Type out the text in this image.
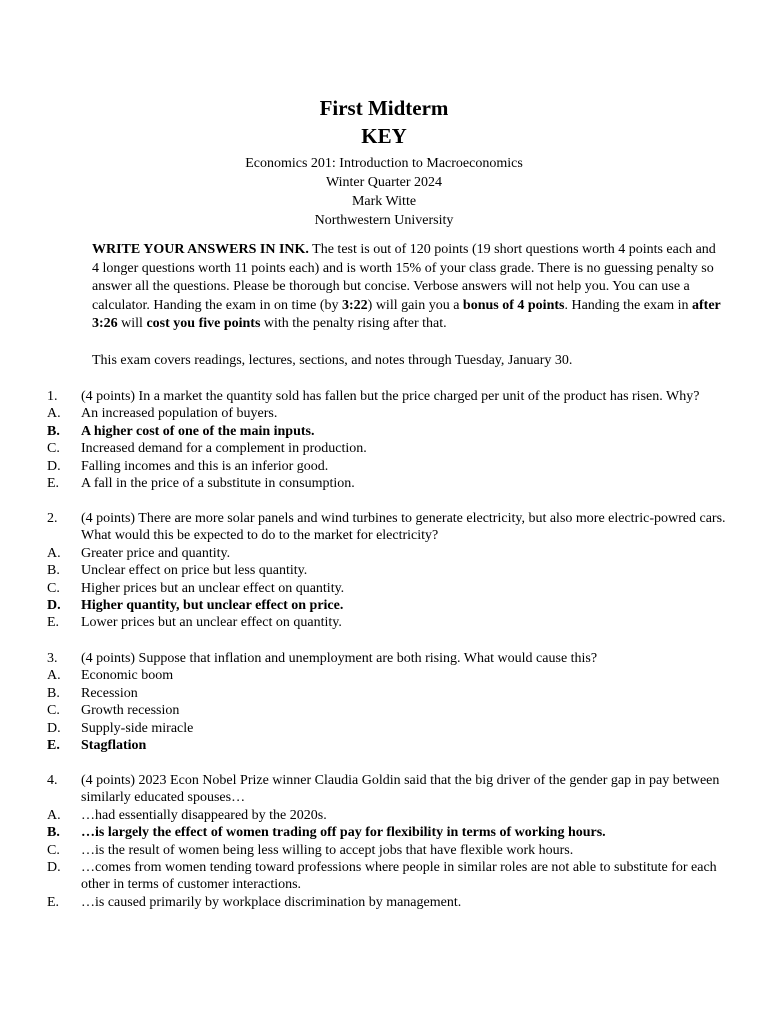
First Midterm
KEY
Economics 201: Introduction to Macroeconomics
Winter Quarter 2024
Mark Witte
Northwestern University
WRITE YOUR ANSWERS IN INK. The test is out of 120 points (19 short questions worth 4 points each and 4 longer questions worth 11 points each) and is worth 15% of your class grade. There is no guessing penalty so answer all the questions. Please be thorough but concise. Verbose answers will not help you. You can use a calculator. Handing the exam in on time (by 3:22) will gain you a bonus of 4 points. Handing the exam in after 3:26 will cost you five points with the penalty rising after that.
This exam covers readings, lectures, sections, and notes through Tuesday, January 30.
1. (4 points) In a market the quantity sold has fallen but the price charged per unit of the product has risen. Why?
A. An increased population of buyers.
B. A higher cost of one of the main inputs.
C. Increased demand for a complement in production.
D. Falling incomes and this is an inferior good.
E. A fall in the price of a substitute in consumption.
2. (4 points) There are more solar panels and wind turbines to generate electricity, but also more electric-powred cars. What would this be expected to do to the market for electricity?
A. Greater price and quantity.
B. Unclear effect on price but less quantity.
C. Higher prices but an unclear effect on quantity.
D. Higher quantity, but unclear effect on price.
E. Lower prices but an unclear effect on quantity.
3. (4 points) Suppose that inflation and unemployment are both rising. What would cause this?
A. Economic boom
B. Recession
C. Growth recession
D. Supply-side miracle
E. Stagflation
4. (4 points) 2023 Econ Nobel Prize winner Claudia Goldin said that the big driver of the gender gap in pay between similarly educated spouses…
A. …had essentially disappeared by the 2020s.
B. …is largely the effect of women trading off pay for flexibility in terms of working hours.
C. …is the result of women being less willing to accept jobs that have flexible work hours.
D. …comes from women tending toward professions where people in similar roles are not able to substitute for each other in terms of customer interactions.
E. …is caused primarily by workplace discrimination by management.
